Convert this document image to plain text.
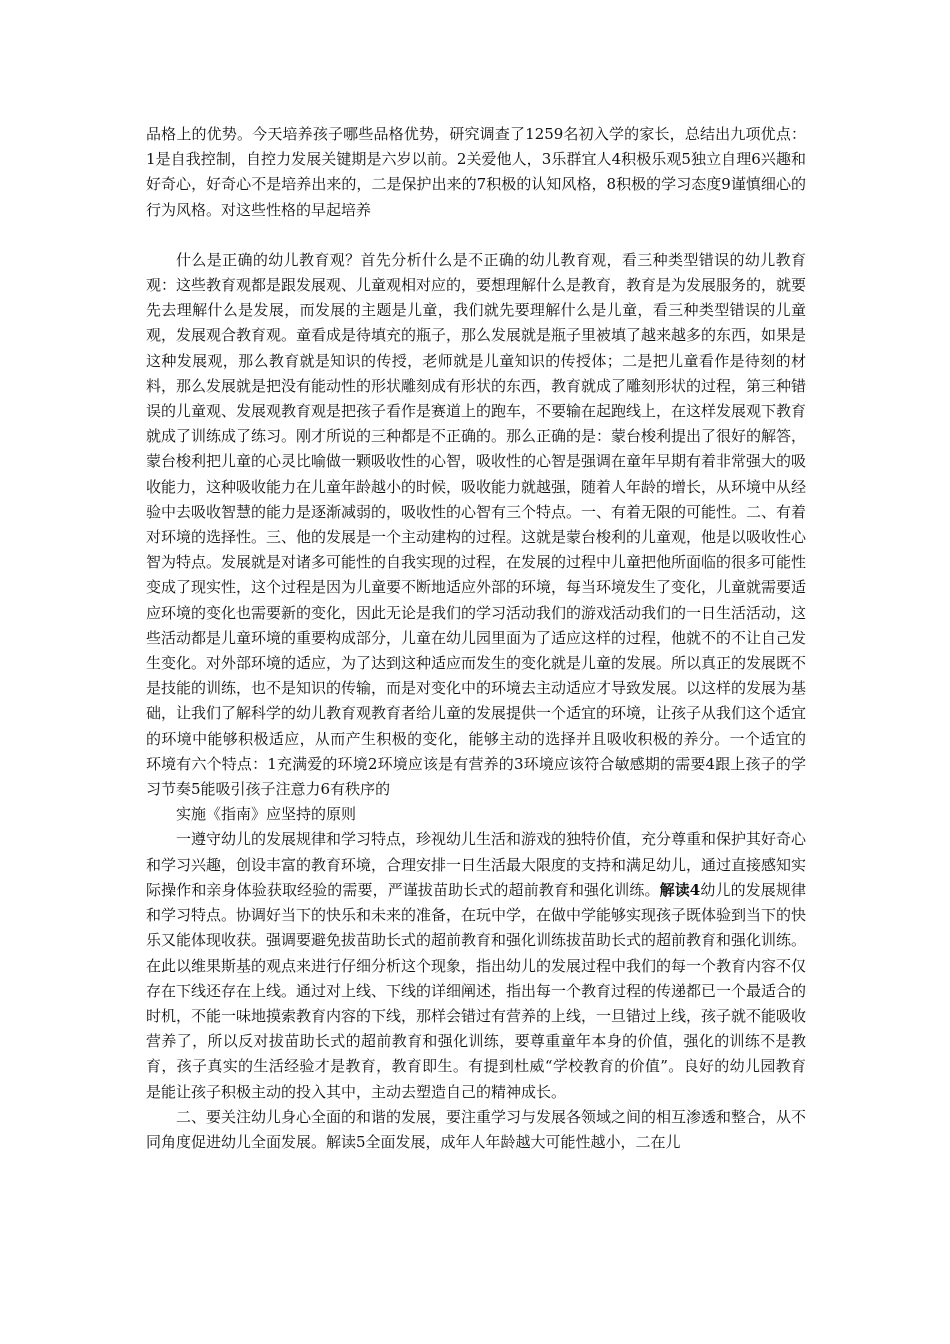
品格上的优势。今天培养孩子哪些品格优势，研究调查了1259名初入学的家长，总结出九项优点：1是自我控制，自控力发展关键期是六岁以前。2关爱他人，3乐群宜人4积极乐观5独立自理6兴趣和好奇心，好奇心不是培养出来的，二是保护出来的7积极的认知风格，8积极的学习态度9谨慎细心的行为风格。对这些性格的早起培养

什么是正确的幼儿教育观？首先分析什么是不正确的幼儿教育观，看三种类型错误的幼儿教育观：这些教育观都是跟发展观、儿童观相对应的，要想理解什么是教育，教育是为发展服务的，就要先去理解什么是发展，而发展的主题是儿童，我们就先要理解什么是儿童，看三种类型错误的儿童观，发展观合教育观。童看成是待填充的瓶子，那么发展就是瓶子里被填了越来越多的东西，如果是这种发展观，那么教育就是知识的传授，老师就是儿童知识的传授体；二是把儿童看作是待刻的材料，那么发展就是把没有能动性的形状雕刻成有形状的东西，教育就成了雕刻形状的过程，第三种错误的儿童观、发展观教育观是把孩子看作是赛道上的跑车，不要输在起跑线上，在这样发展观下教育就成了训练成了练习。刚才所说的三种都是不正确的。那么正确的是：蒙台梭利提出了很好的解答，蒙台梭利把儿童的心灵比喻做一颗吸收性的心智，吸收性的心智是强调在童年早期有着非常强大的吸收能力，这种吸收能力在儿童年龄越小的时候，吸收能力就越强，随着人年龄的增长，从环境中从经验中去吸收智慧的能力是逐渐减弱的，吸收性的心智有三个特点。一、有着无限的可能性。二、有着对环境的选择性。三、他的发展是一个主动建构的过程。这就是蒙台梭利的儿童观，他是以吸收性心智为特点。发展就是对诸多可能性的自我实现的过程，在发展的过程中儿童把他所面临的很多可能性变成了现实性，这个过程是因为儿童要不断地适应外部的环境，每当环境发生了变化，儿童就需要适应环境的变化也需要新的变化，因此无论是我们的学习活动我们的游戏活动我们的一日生活活动，这些活动都是儿童环境的重要构成部分，儿童在幼儿园里面为了适应这样的过程，他就不的不让自己发生变化。对外部环境的适应，为了达到这种适应而发生的变化就是儿童的发展。所以真正的发展既不是技能的训练，也不是知识的传输，而是对变化中的环境去主动适应才导致发展。以这样的发展为基础，让我们了解科学的幼儿教育观教育者给儿童的发展提供一个适宜的环境，让孩子从我们这个适宜的环境中能够积极适应，从而产生积极的变化，能够主动的选择并且吸收积极的养分。一个适宜的 环境有六个特点：1充满爱的环境2环境应该是有营养的3环境应该符合敏感期的需要4跟上孩子的学习节奏5能吸引孩子注意力6有秩序的

实施《指南》应坚持的原则

一遵守幼儿的发展规律和学习特点，珍视幼儿生活和游戏的独特价值，充分尊重和保护其好奇心和学习兴趣，创设丰富的教育环境，合理安排一日生活最大限度的支持和满足幼儿，通过直接感知实际操作和亲身体验获取经验的需要，严谨拔苗助长式的超前教育和强化训练。解读4幼儿的发展规律和学习特点。协调好当下的快乐和未来的准备，在玩中学，在做中学能够实现孩子既体验到当下的快乐又能体现收获。强调要避免拔苗助长式的超前教育和强化训练拔苗助长式的超前教育和强化训练。在此以维果斯基的观点来进行仔细分析这个现象，指出幼儿的发展过程中我们的每一个教育内容不仅存在下线还存在上线。通过对上线、下线的详细阐述，指出每一个教育过程的传递都已一个最适合的时机，不能一味地摸索教育内容的下线，那样会错过有营养的上线，一旦错过上线，孩子就不能吸收营养了，所以反对拔苗助长式的超前教育和强化训练，要尊重童年本身的价值，强化的训练不是教育，孩子真实的生活经验才是教育，教育即生。有提到杜威“学校教育的价值”。良好的幼儿园教育是能让孩子积极主动的投入其中，主动去塑造自己的精神成长。

二、要关注幼儿身心全面的和谐的发展，要注重学习与发展各领域之间的相互渗透和整合，从不同角度促进幼儿全面发展。解读5全面发展，成年人年龄越大可能性越小，二在儿
